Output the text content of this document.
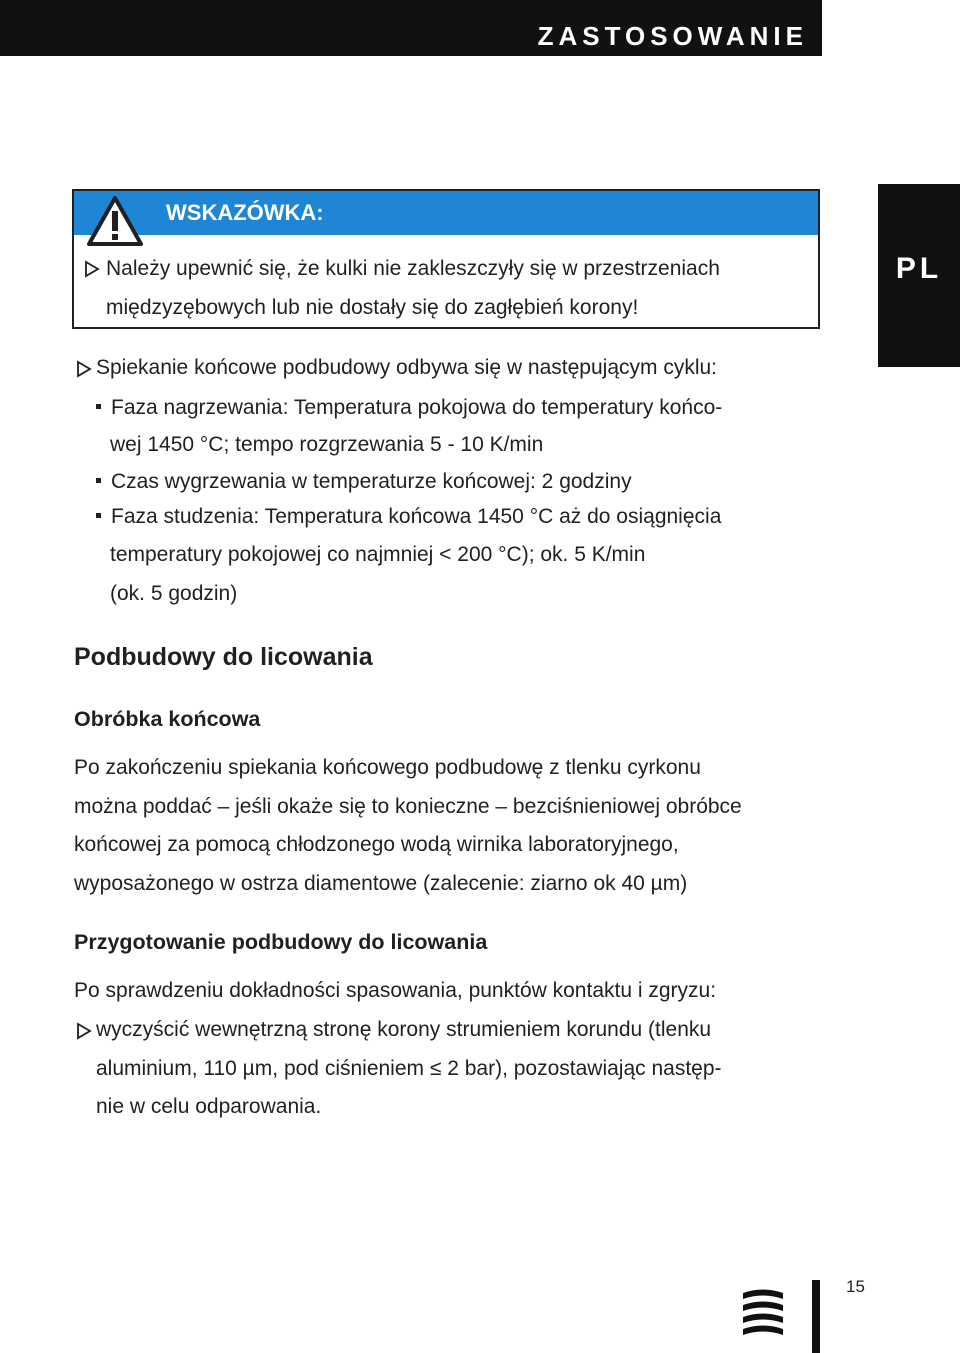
ZASTOSOWANIE
PL
WSKAZÓWKA:
Należy upewnić się, że kulki nie zakleszczyły się w przestrzeniach
międzyzębowych lub nie dostały się do zagłębień korony!
Spiekanie końcowe podbudowy odbywa się w następującym cyklu:
Faza nagrzewania: Temperatura pokojowa do temperatury końco-
wej 1450 °C; tempo rozgrzewania 5 - 10 K/min
Czas wygrzewania w temperaturze końcowej: 2 godziny
Faza studzenia: Temperatura końcowa 1450 °C aż do osiągnięcia
temperatury pokojowej co najmniej < 200 °C); ok. 5 K/min
(ok. 5 godzin)
Podbudowy do licowania
Obróbka końcowa
Po zakończeniu spiekania końcowego podbudowę z tlenku cyrkonu
można poddać – jeśli okaże się to konieczne – bezciśnieniowej obróbce
końcowej za pomocą chłodzonego wodą wirnika laboratoryjnego,
wyposażonego w ostrza diamentowe (zalecenie: ziarno ok 40 µm)
Przygotowanie podbudowy do licowania
Po sprawdzeniu dokładności spasowania, punktów kontaktu i zgryzu:
wyczyścić wewnętrzną stronę korony strumieniem korundu (tlenku
aluminium, 110 µm, pod ciśnieniem ≤ 2 bar), pozostawiając następ-
nie w celu odparowania.
15
